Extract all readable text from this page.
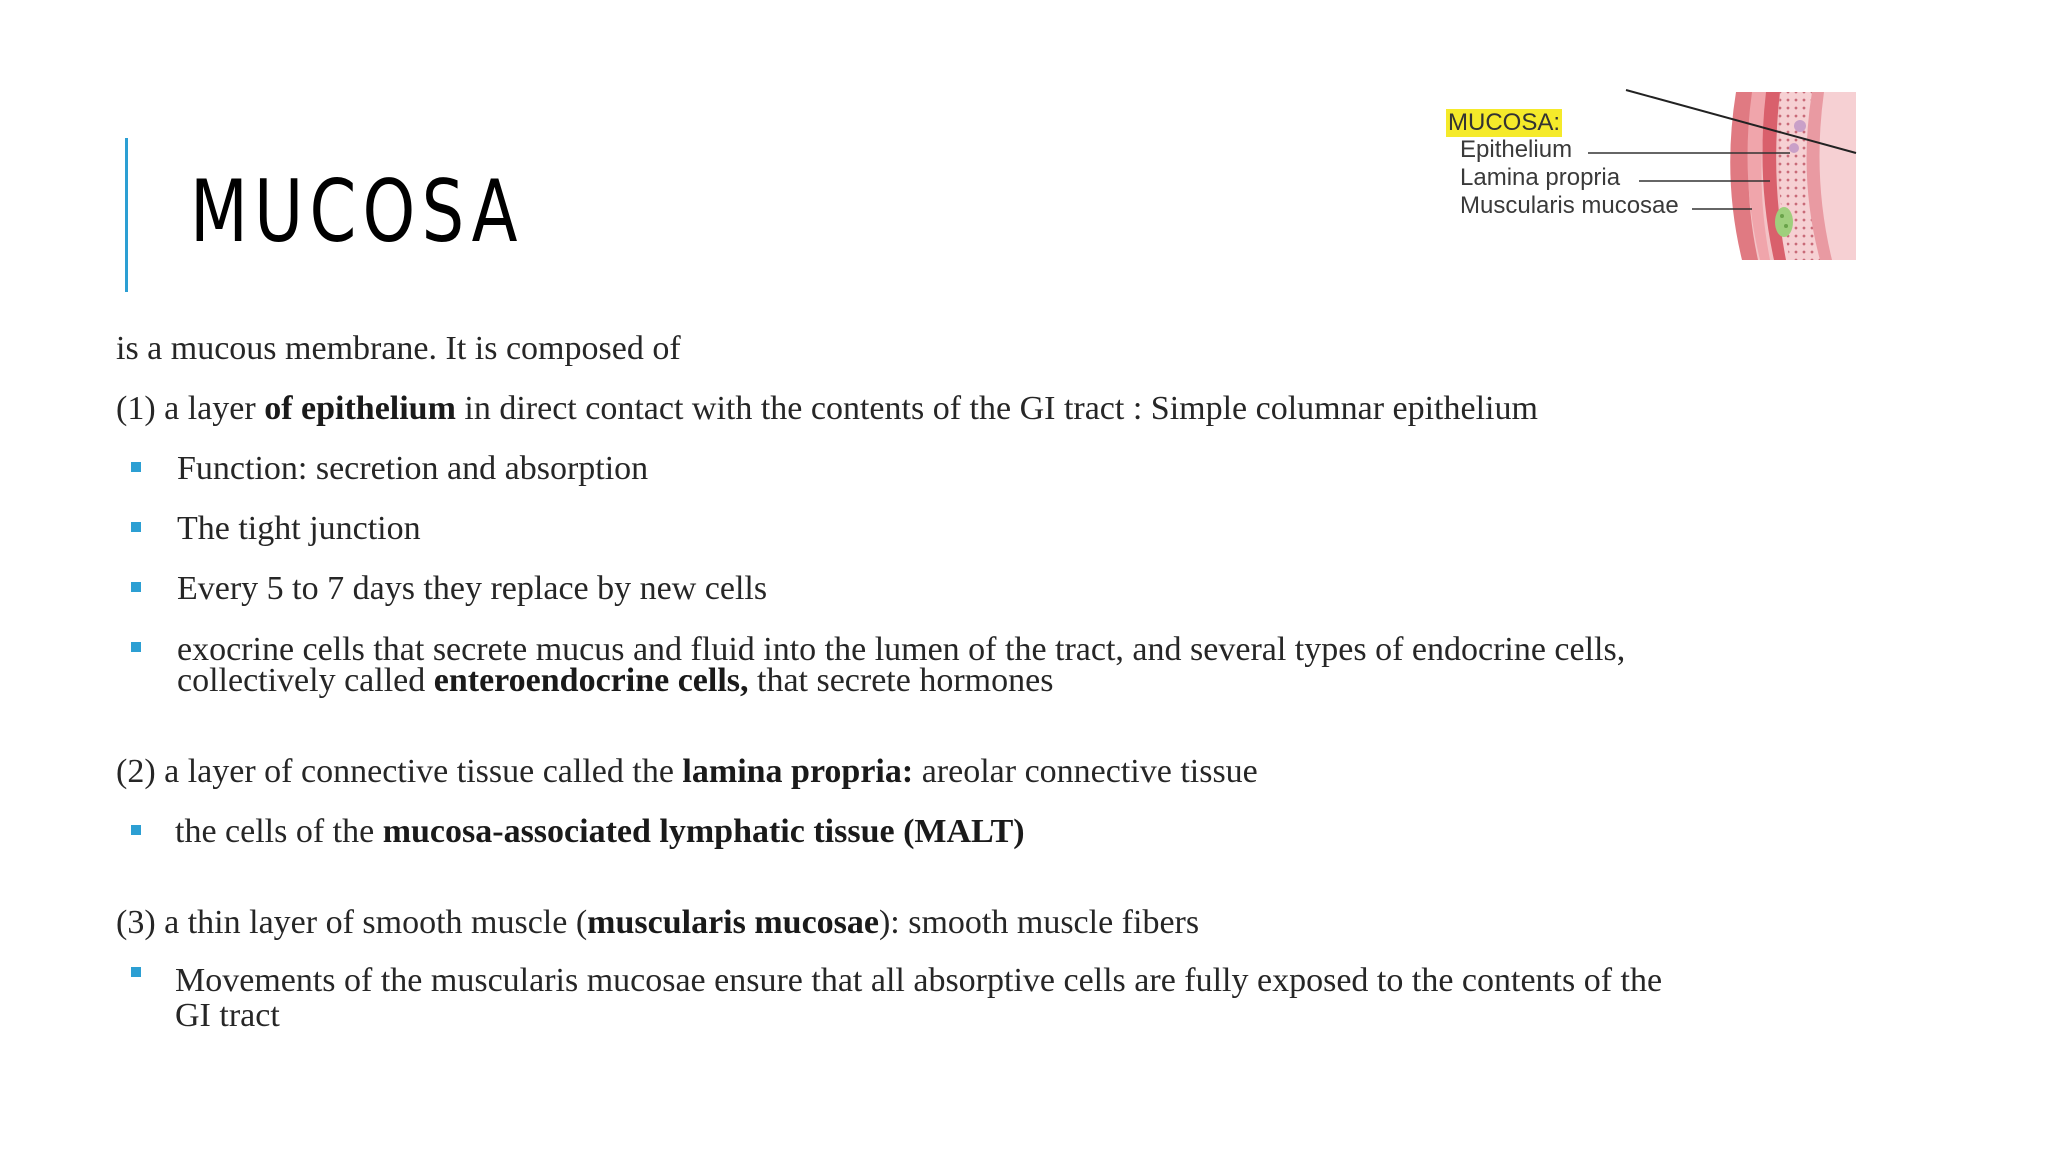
MUCOSA
MUCOSA:
Epithelium
Lamina propria
Muscularis mucosae

is a mucous membrane. It is composed of

(1) a layer of epithelium in direct contact with the contents of the GI tract : Simple columnar epithelium

Function: secretion and absorption

The tight junction

Every 5 to 7 days they replace by new cells

exocrine cells that secrete mucus and fluid into the lumen of the tract, and several types of endocrine cells,
collectively called enteroendocrine cells, that secrete hormones

(2) a layer of connective tissue called the lamina propria: areolar connective tissue

the cells of the mucosa-associated lymphatic tissue (MALT)

(3) a thin layer of smooth muscle (muscularis mucosae): smooth muscle fibers

Movements of the muscularis mucosae ensure that all absorptive cells are fully exposed to the contents of the
GI tract
